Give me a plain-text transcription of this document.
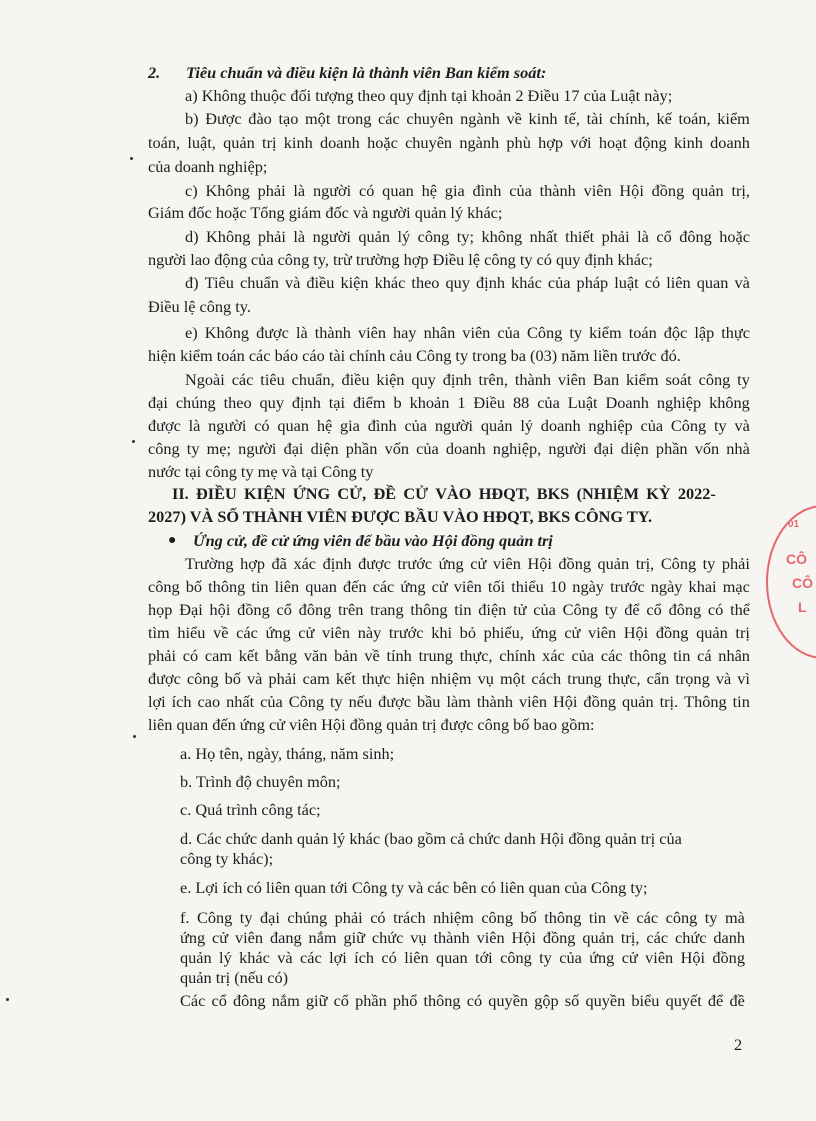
2. Tiêu chuẩn và điều kiện là thành viên Ban kiểm soát:

a) Không thuộc đối tượng theo quy định tại khoản 2 Điều 17 của Luật này;

b) Được đào tạo một trong các chuyên ngành về kinh tế, tài chính, kế toán, kiểm
toán, luật, quản trị kinh doanh hoặc chuyên ngành phù hợp với hoạt động kinh doanh

của doanh nghiệp;

c) Không phải là người có quan hệ gia đình của thành viên Hội đồng quản trị,

Giám đốc hoặc Tổng giám đốc và người quản lý khác;

d) Không phải là người quản lý công ty; không nhất thiết phải là cổ đông hoặc

người lao động của công ty, trừ trường hợp Điều lệ công ty có quy định khác;

đ) Tiêu chuẩn và điều kiện khác theo quy định khác của pháp luật có liên quan và

Điều lệ công ty.

e) Không được là thành viên hay nhân viên của Công ty kiểm toán độc lập thực

hiện kiểm toán các báo cáo tài chính cảu Công ty trong ba (03) năm liền trước đó.

Ngoài các tiêu chuẩn, điều kiện quy định trên, thành viên Ban kiểm soát công ty
đại chúng theo quy định tại điểm b khoản 1 Điều 88 của Luật Doanh nghiệp không
được là người có quan hệ gia đình của người quản lý doanh nghiệp của Công ty và
công ty mẹ; người đại diện phần vốn của doanh nghiệp, người đại diện phần vốn nhà

nước tại công ty mẹ và tại Công ty

II. ĐIỀU KIỆN ỨNG CỬ, ĐỀ CỬ VÀO HĐQT, BKS (NHIỆM KỲ 2022-

2027) VÀ SỐ THÀNH VIÊN ĐƯỢC BẦU VÀO HĐQT, BKS CÔNG TY.

● Ứng cử, đề cử ứng viên để bầu vào Hội đồng quản trị

Trường hợp đã xác định được trước ứng cử viên Hội đồng quản trị, Công ty phải
công bố thông tin liên quan đến các ứng cử viên tối thiểu 10 ngày trước ngày khai mạc
họp Đại hội đồng cổ đông trên trang thông tin điện tử của Công ty để cổ đông có thể
tìm hiểu về các ứng cử viên này trước khi bỏ phiếu, ứng cử viên Hội đồng quản trị
phải có cam kết bằng văn bản về tính trung thực, chính xác của các thông tin cá nhân
được công bố và phải cam kết thực hiện nhiệm vụ một cách trung thực, cẩn trọng và vì
lợi ích cao nhất của Công ty nếu được bầu làm thành viên Hội đồng quản trị. Thông tin

liên quan đến ứng cử viên Hội đồng quản trị được công bố bao gồm:

a. Họ tên, ngày, tháng, năm sinh;

b. Trình độ chuyên môn;

c. Quá trình công tác;

d. Các chức danh quản lý khác (bao gồm cả chức danh Hội đồng quản trị của

công ty khác);

e. Lợi ích có liên quan tới Công ty và các bên có liên quan của Công ty;

f. Công ty đại chúng phải có trách nhiệm công bố thông tin về các công ty mà
ứng cử viên đang nắm giữ chức vụ thành viên Hội đồng quản trị, các chức danh
quản lý khác và các lợi ích có liên quan tới công ty của ứng cử viên Hội đồng

quản trị (nếu có)

Các cổ đông nắm giữ cổ phần phổ thông có quyền gộp số quyền biểu quyết để đề

2

01
CÔ
CÔ
L
